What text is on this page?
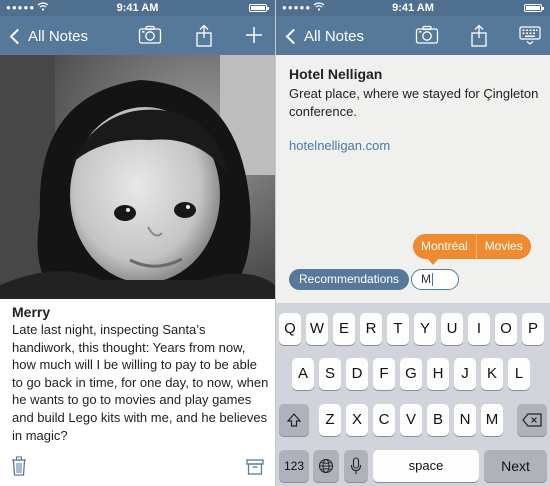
●●●●●	9:41 AM
All Notes
Merry
Late last night, inspecting Santa’s handiwork, this thought: Years from now, how much will I be willing to pay to be able to go back in time, for one day, to now, when he wants to go to movies and play games and build Lego kits with me, and he believes in magic?
●●●●●	9:41 AM
All Notes
Hotel Nelligan
Great place, where we stayed for Çingleton conference.
hotelnelligan.com
Montréal	Movies
Recommendations	M
Q W E	R	T	Y	U	I	O	P
A	S	D	F	G	H	J	K	L
Z	X	C	V	B	N	M
123	space	Next
